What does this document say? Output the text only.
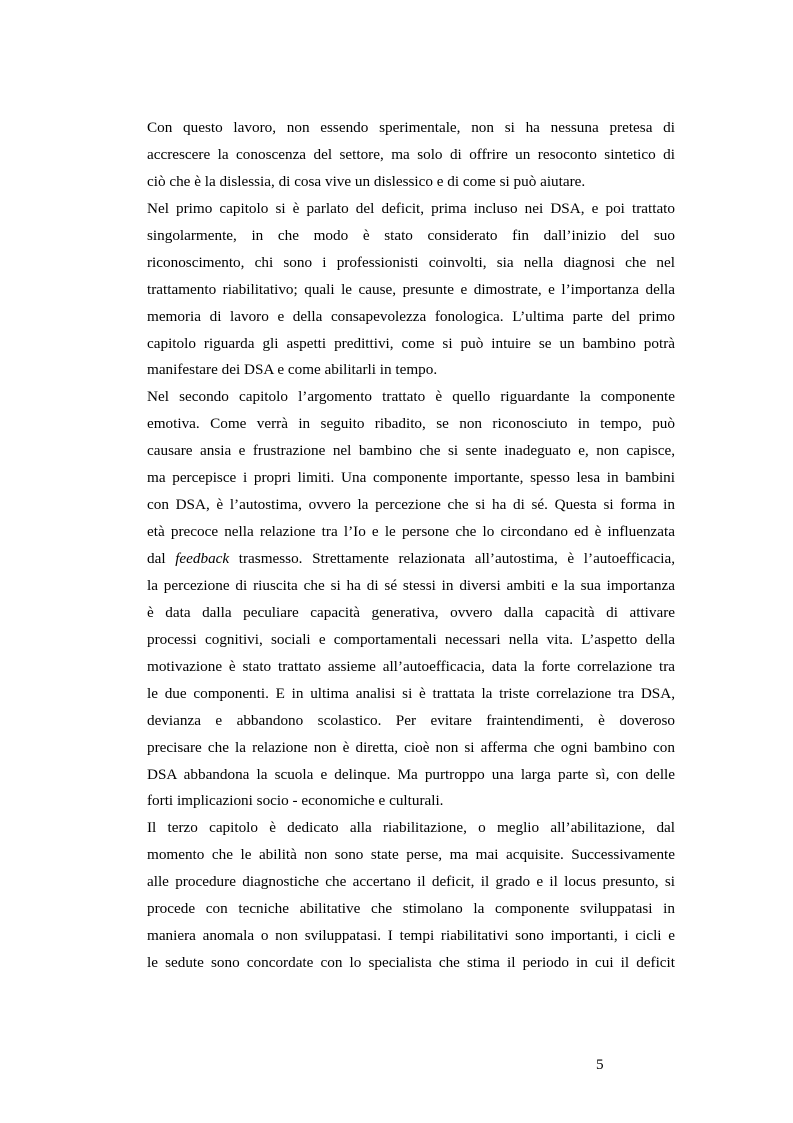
Con questo lavoro, non essendo sperimentale, non si ha nessuna pretesa di
accrescere la conoscenza del settore, ma solo di offrire un resoconto sintetico di
ciò che è la dislessia, di cosa vive un dislessico e di come si può aiutare.
Nel primo capitolo si è parlato del deficit, prima incluso nei DSA, e poi trattato
singolarmente, in che modo è stato considerato fin dall’inizio del suo
riconoscimento, chi sono i professionisti coinvolti, sia nella diagnosi che nel
trattamento riabilitativo; quali le cause, presunte e dimostrate, e l’importanza della
memoria di lavoro e della consapevolezza fonologica. L’ultima parte del primo
capitolo riguarda gli aspetti predittivi, come si può intuire se un bambino potrà
manifestare dei DSA e come abilitarli in tempo.
Nel secondo capitolo l’argomento trattato è quello riguardante la componente
emotiva. Come verrà in seguito ribadito, se non riconosciuto in tempo, può
causare ansia e frustrazione nel bambino che si sente inadeguato e, non capisce,
ma percepisce i propri limiti. Una componente importante, spesso lesa in bambini
con DSA, è l’autostima, ovvero la percezione che si ha di sé. Questa si forma in
età precoce nella relazione tra l’Io e le persone che lo circondano ed è influenzata
dal feedback trasmesso. Strettamente relazionata all’autostima, è l’autoefficacia,
la percezione di riuscita che si ha di sé stessi in diversi ambiti e la sua importanza
è data dalla peculiare capacità generativa, ovvero dalla capacità di attivare
processi cognitivi, sociali e comportamentali necessari nella vita. L’aspetto della
motivazione è stato trattato assieme all’autoefficacia, data la forte correlazione tra
le due componenti. E in ultima analisi si è trattata la triste correlazione tra DSA,
devianza e abbandono scolastico. Per evitare fraintendimenti, è doveroso
precisare che la relazione non è diretta, cioè non si afferma che ogni bambino con
DSA abbandona la scuola e delinque. Ma purtroppo una larga parte sì, con delle
forti implicazioni socio - economiche e culturali.
Il terzo capitolo è dedicato alla riabilitazione, o meglio all’abilitazione, dal
momento che le abilità non sono state perse, ma mai acquisite. Successivamente
alle procedure diagnostiche che accertano il deficit, il grado e il locus presunto, si
procede con tecniche abilitative che stimolano la componente sviluppatasi in
maniera anomala o non sviluppatasi. I tempi riabilitativi sono importanti, i cicli e
le sedute sono concordate con lo specialista che stima il periodo in cui il deficit
5
